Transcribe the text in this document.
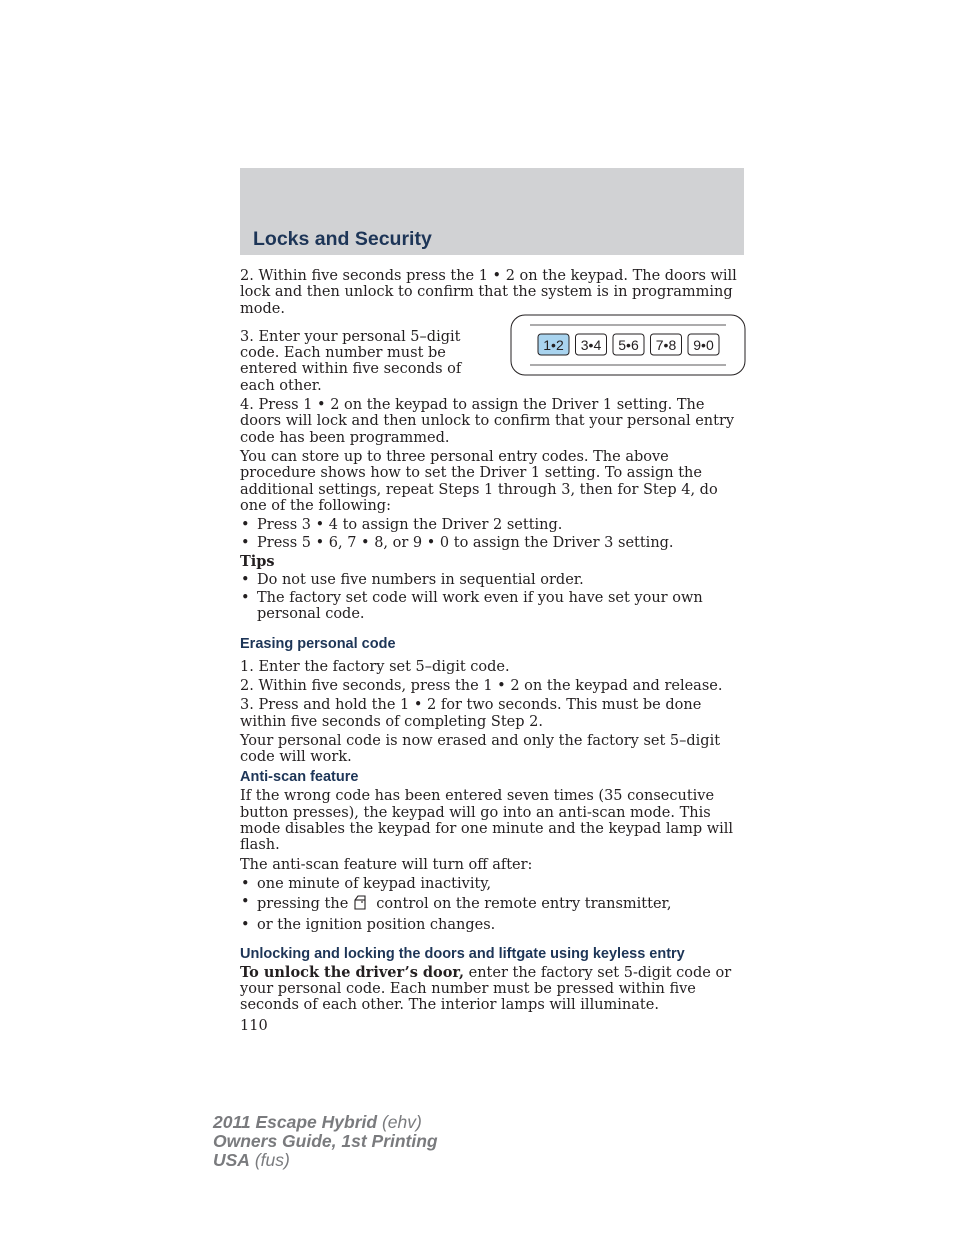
Locks and Security

2. Within five seconds press the 1 • 2 on the keypad. The doors will lock and then unlock to confirm that the system is in programming mode.

1•2 3•4 5•6 7•8 9•0

3. Enter your personal 5–digit code. Each number must be entered within five seconds of each other.

4. Press 1 • 2 on the keypad to assign the Driver 1 setting. The doors will lock and then unlock to confirm that your personal entry code has been programmed.

You can store up to three personal entry codes. The above procedure shows how to set the Driver 1 setting. To assign the additional settings, repeat Steps 1 through 3, then for Step 4, do one of the following:

• Press 3 • 4 to assign the Driver 2 setting.
• Press 5 • 6, 7 • 8, or 9 • 0 to assign the Driver 3 setting.
Tips
• Do not use five numbers in sequential order.
• The factory set code will work even if you have set your own personal code.
Erasing personal code

1. Enter the factory set 5–digit code.

2. Within five seconds, press the 1 • 2 on the keypad and release.

3. Press and hold the 1 • 2 for two seconds. This must be done within five seconds of completing Step 2.

Your personal code is now erased and only the factory set 5–digit code will work.

Anti-scan feature

If the wrong code has been entered seven times (35 consecutive button presses), the keypad will go into an anti-scan mode. This mode disables the keypad for one minute and the keypad lamp will flash.

The anti-scan feature will turn off after:

• one minute of keypad inactivity,
• pressing the control on the remote entry transmitter,
• or the ignition position changes.
Unlocking and locking the doors and liftgate using keyless entry

To unlock the driver’s door, enter the factory set 5-digit code or your personal code. Each number must be pressed within five seconds of each other. The interior lamps will illuminate.

110

2011 Escape Hybrid (ehv)
Owners Guide, 1st Printing
USA (fus)
